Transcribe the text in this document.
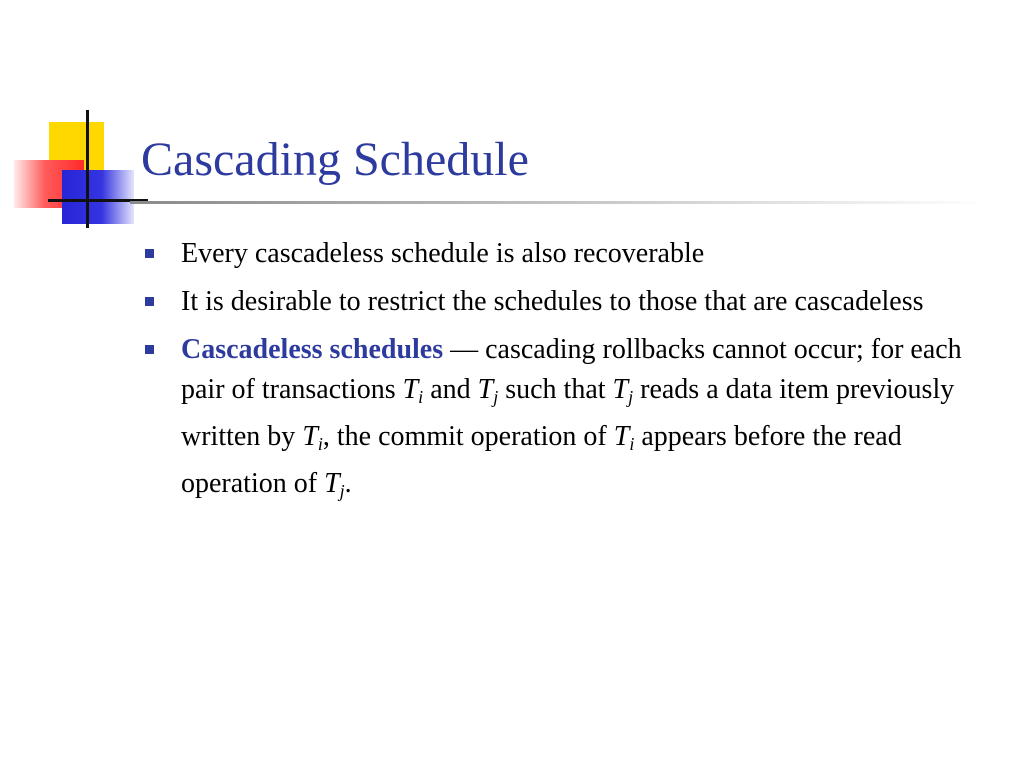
Cascading Schedule
Every cascadeless schedule is also recoverable
It is desirable to restrict the schedules to those that are cascadeless
Cascadeless schedules — cascading rollbacks cannot occur; for each pair of transactions $T_i$ and $T_j$ such that $T_j$ reads a data item previously written by $T_i$, the commit operation of $T_i$ appears before the read operation of $T_j$.
